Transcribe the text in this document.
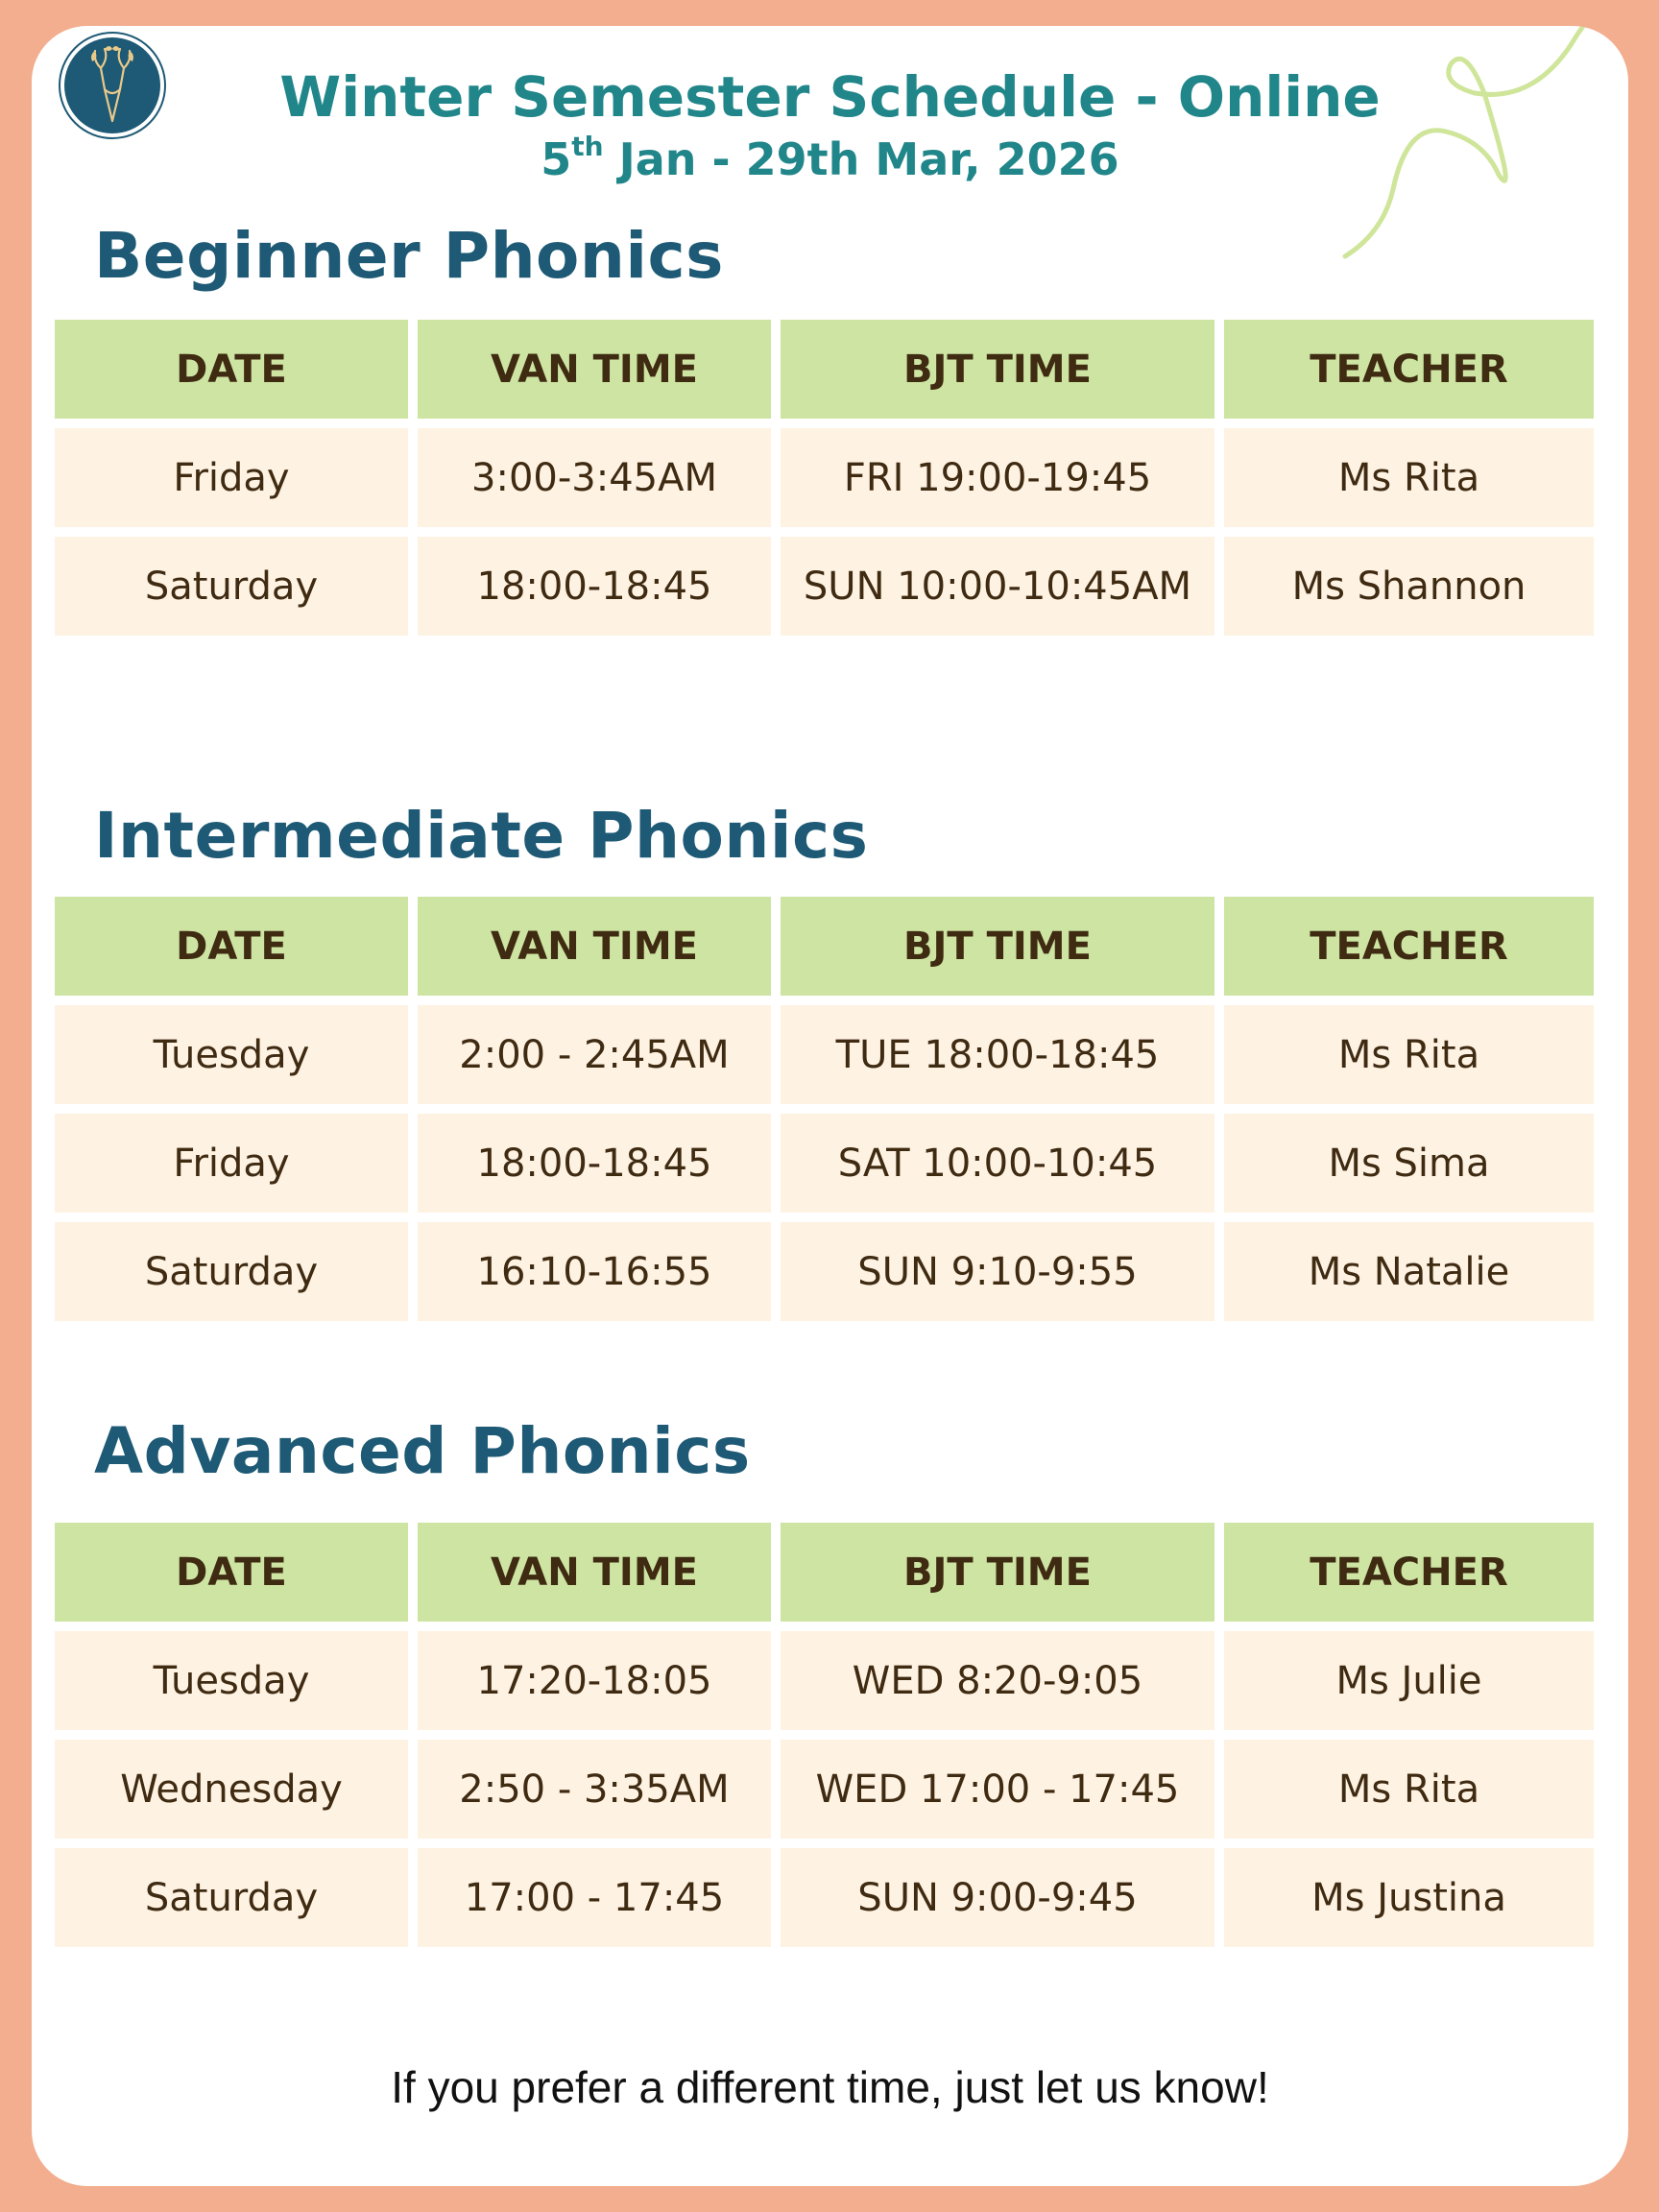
Winter Semester Schedule - Online
5th Jan - 29th Mar, 2026
Beginner Phonics
DATE	VAN TIME	BJT TIME	TEACHER
Friday	3:00-3:45AM	FRI 19:00-19:45	Ms Rita
Saturday	18:00-18:45	SUN 10:00-10:45AM	Ms Shannon
Intermediate Phonics
DATE	VAN TIME	BJT TIME	TEACHER
Tuesday	2:00 - 2:45AM	TUE 18:00-18:45	Ms Rita
Friday	18:00-18:45	SAT 10:00-10:45	Ms Sima
Saturday	16:10-16:55	SUN 9:10-9:55	Ms Natalie
Advanced Phonics
DATE	VAN TIME	BJT TIME	TEACHER
Tuesday	17:20-18:05	WED 8:20-9:05	Ms Julie
Wednesday	2:50 - 3:35AM	WED 17:00 - 17:45	Ms Rita
Saturday	17:00 - 17:45	SUN 9:00-9:45	Ms Justina
If you prefer a different time, just let us know!
